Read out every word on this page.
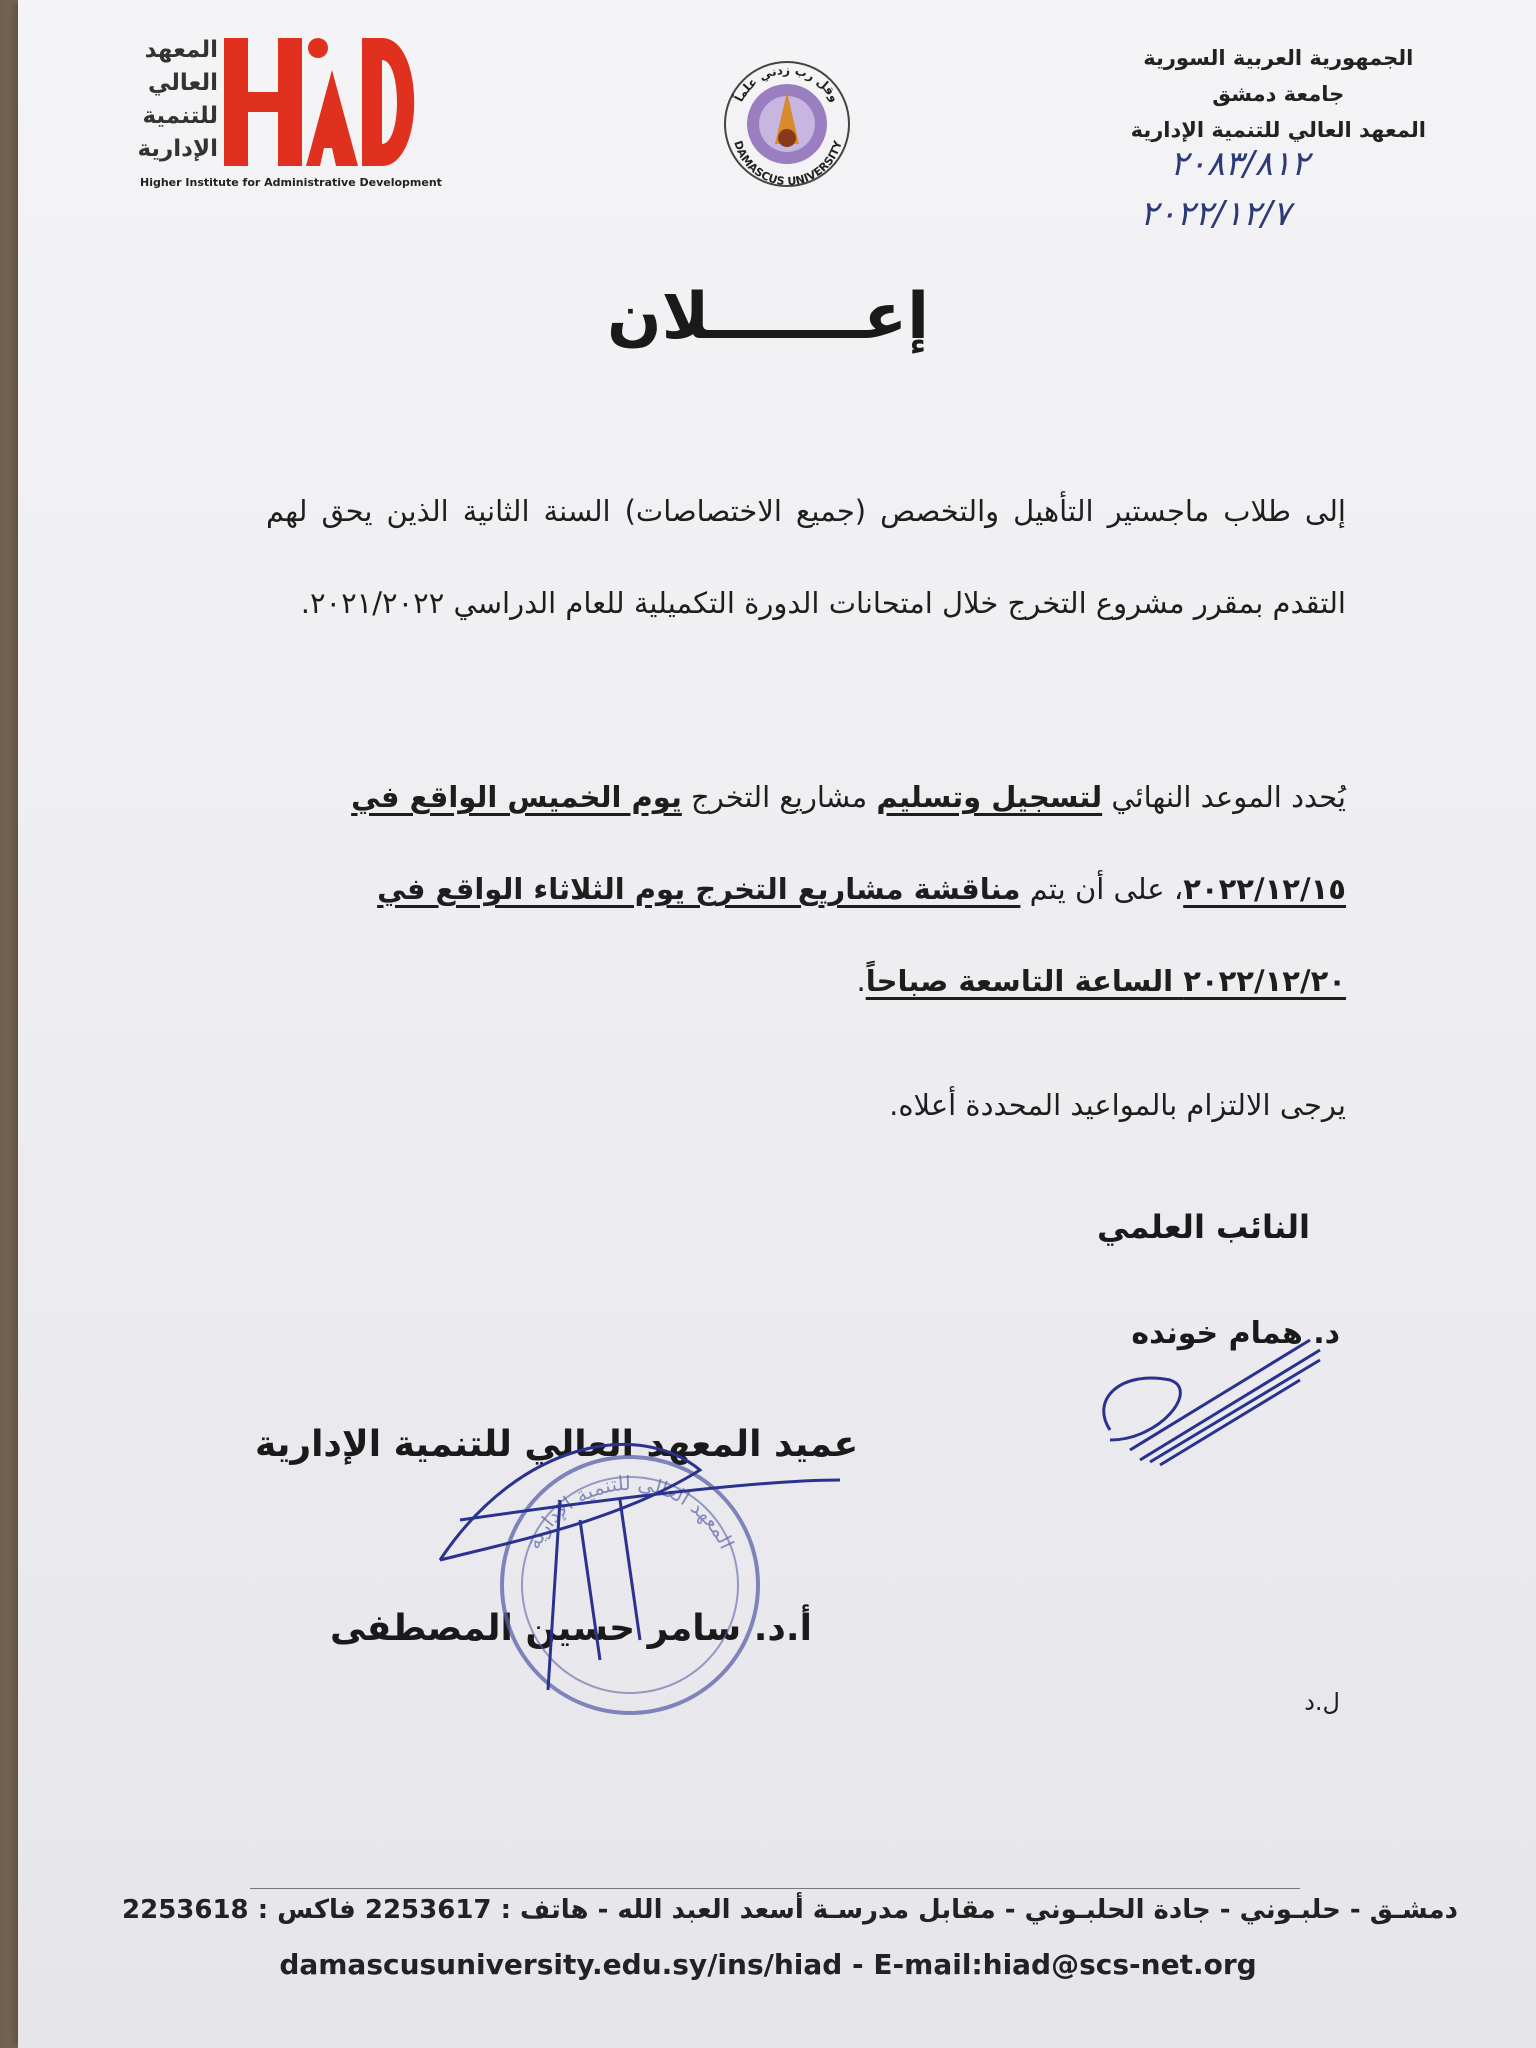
الجمهورية العربية السورية
جامعة دمشق
المعهد العالي للتنمية الإدارية
٢٠٨٣/٨١٢
٢٠٢٢/١٢/٧
المعهد
العالي
للتنمية
الإدارية
Higher Institute for Administrative Development
وقل رب زدني علماً
DAMASCUS UNIVERSITY
إعـــــــلان
إلى طلاب ماجستير التأهيل والتخصص (جميع الاختصاصات) السنة الثانية الذين يحق لهم التقدم بمقرر مشروع التخرج خلال امتحانات الدورة التكميلية للعام الدراسي ٢٠٢١/٢٠٢٢.
يُحدد الموعد النهائي لتسجيل وتسليم مشاريع التخرج يوم الخميس الواقع في
٢٠٢٢/١٢/١٥، على أن يتم مناقشة مشاريع التخرج يوم الثلاثاء الواقع في
٢٠٢٢/١٢/٢٠ الساعة التاسعة صباحاً.
يرجى الالتزام بالمواعيد المحددة أعلاه.
النائب العلمي
د. همام خونده
عميد المعهد العالي للتنمية الإدارية
أ.د. سامر حسين المصطفى
ل.د
المعهد العالي للتنمية الإدارية
دمشـق - حلبـوني - جادة الحلبـوني - مقابل مدرسـة أسعد العبد الله - هاتف : 2253617 فاكس : 2253618
damascusuniversity.edu.sy/ins/hiad - E-mail:hiad@scs-net.org
